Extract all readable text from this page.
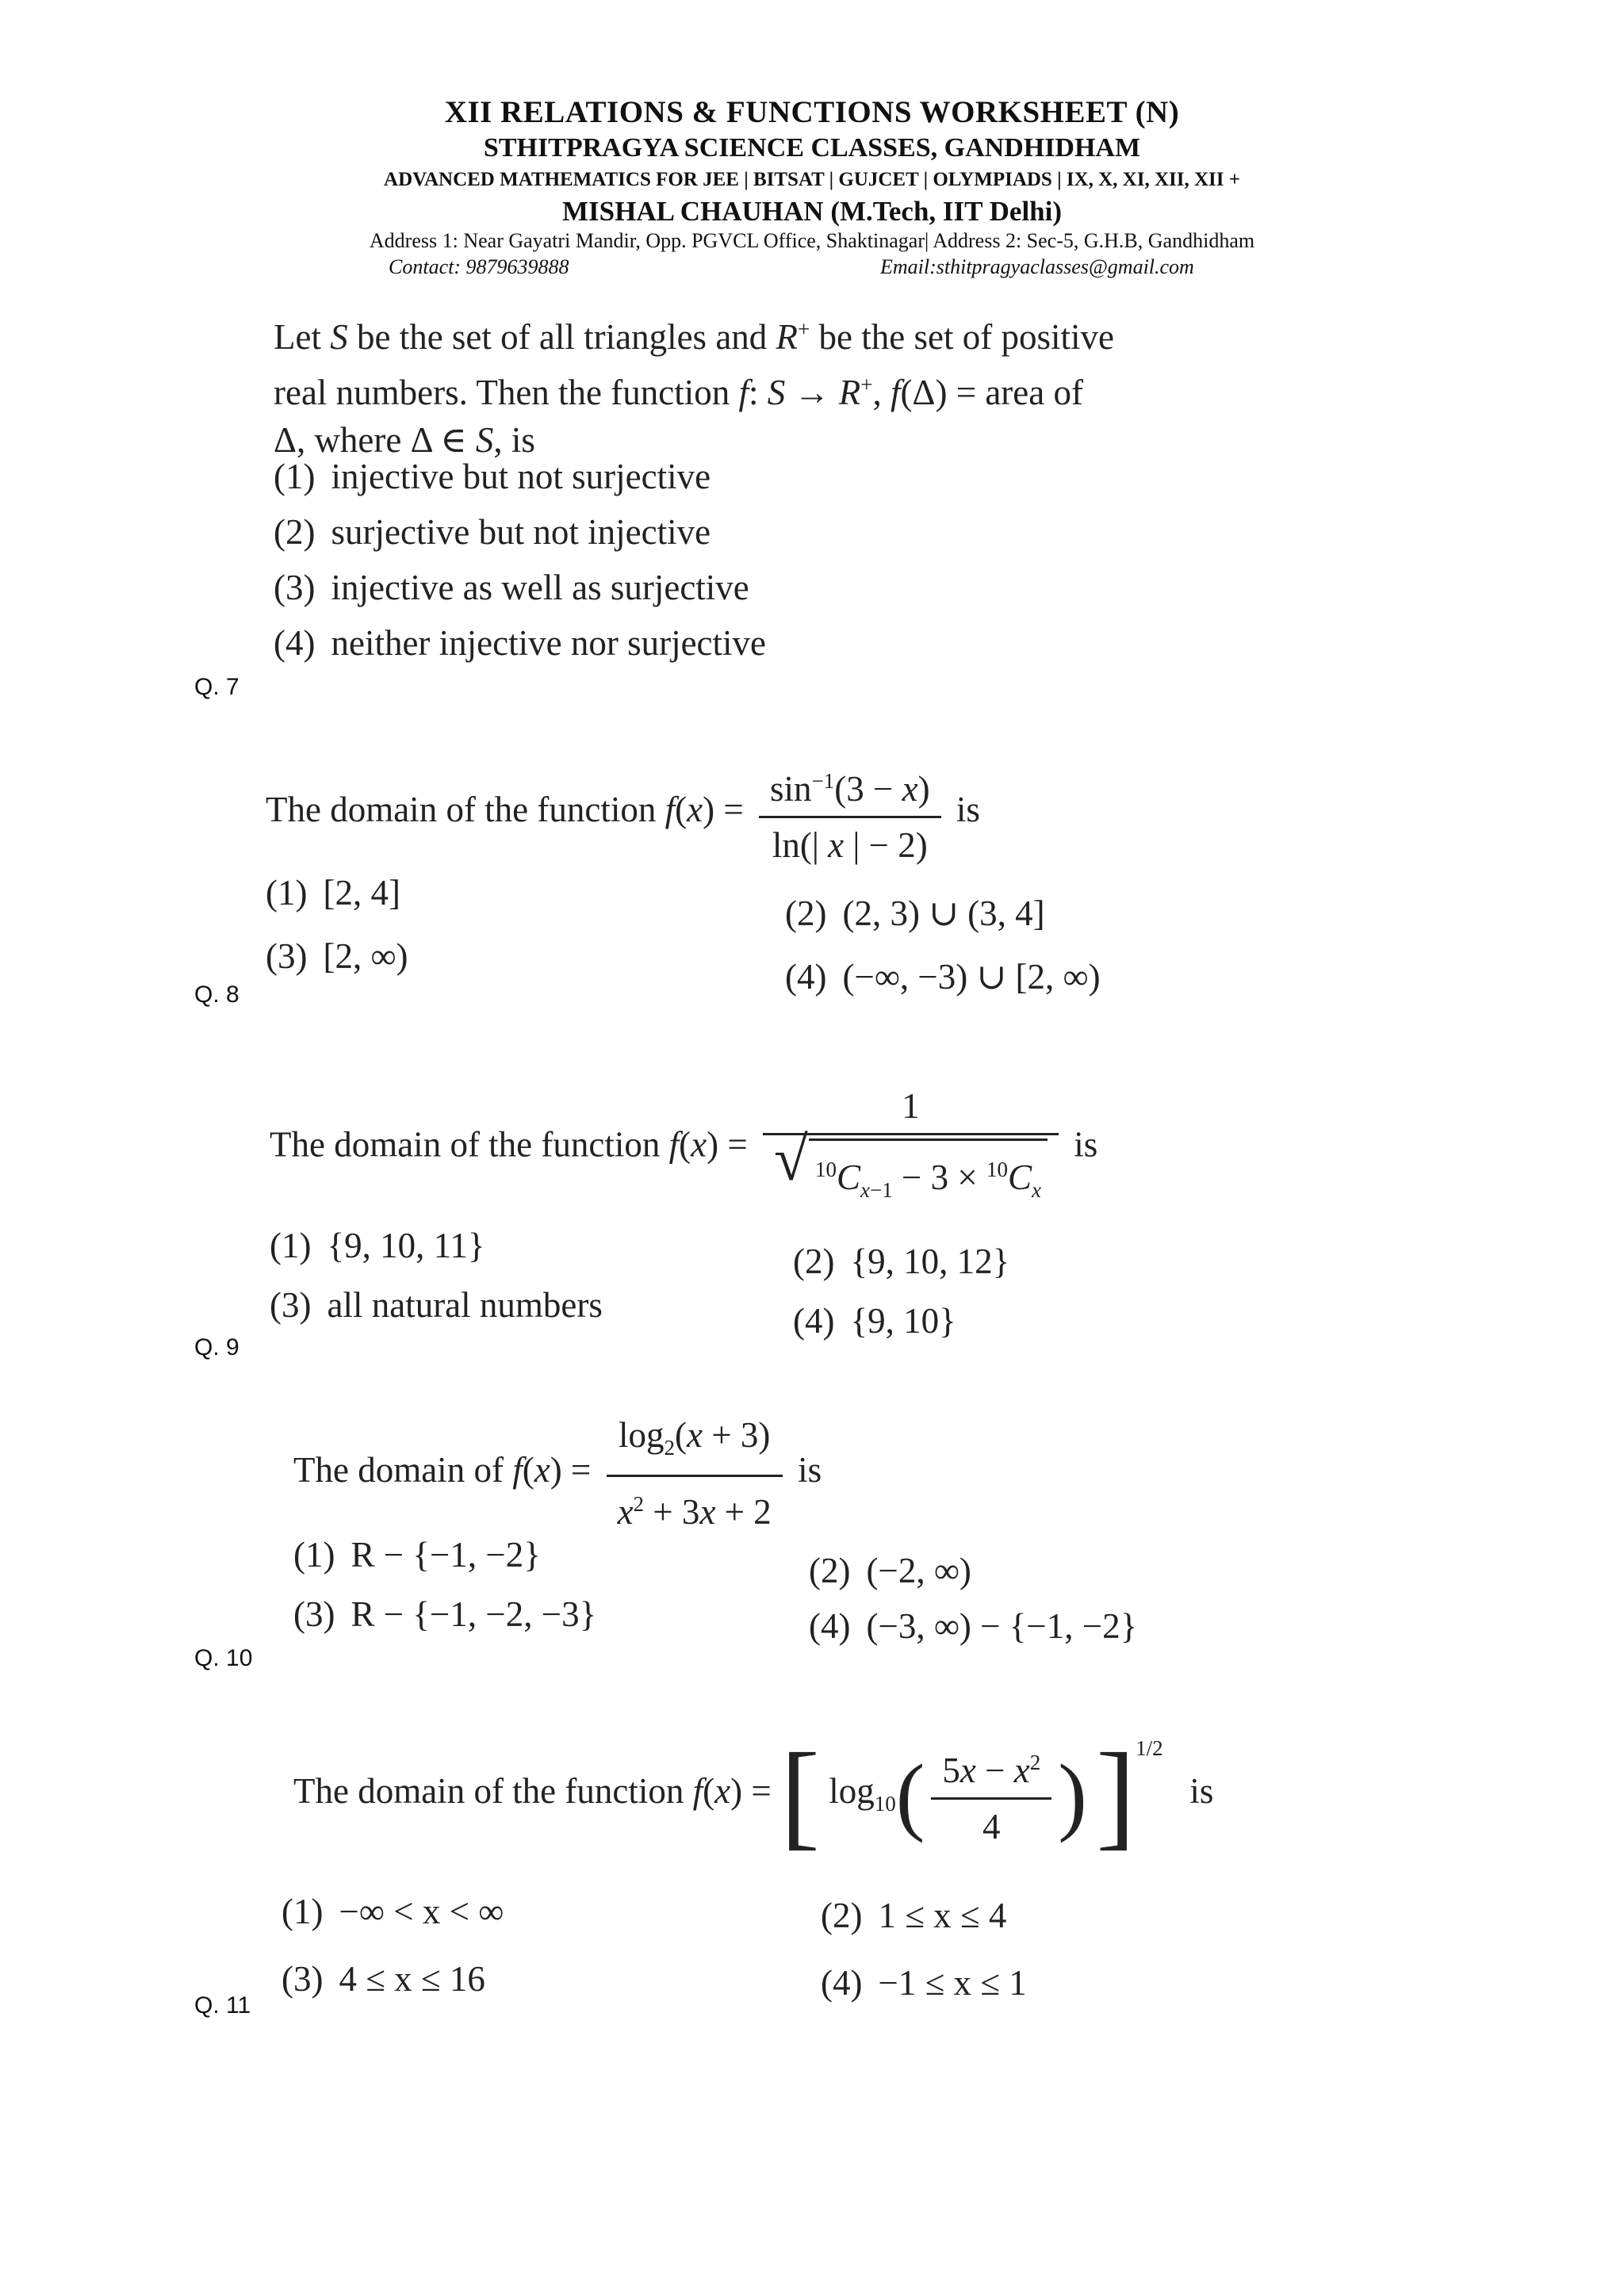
XII RELATIONS & FUNCTIONS WORKSHEET (N)
STHITPRAGYA SCIENCE CLASSES, GANDHIDHAM
ADVANCED MATHEMATICS FOR JEE | BITSAT | GUJCET | OLYMPIADS | IX, X, XI, XII, XII +
MISHAL CHAUHAN (M.Tech, IIT Delhi)
Address 1: Near Gayatri Mandir, Opp. PGVCL Office, Shaktinagar| Address 2: Sec-5, G.H.B, Gandhidham
Contact: 9879639888	Email:sthitpragyaclasses@gmail.com
Let S be the set of all triangles and R+ be the set of positive
real numbers. Then the function f: S → R+, f(Δ) = area of
Δ, where Δ ∈ S, is
(1) injective but not surjective
(2) surjective but not injective
(3) injective as well as surjective
(4) neither injective nor surjective
Q. 7
The domain of the function $f(x) = \frac{\sin^{-1}(3 - x)}{\ln(| x | - 2)}$ is
(1) [2, 4]
(3) [2, ∞)
(2) (2, 3) ∪ (3, 4]
(4) (−∞, −3) ∪ [2, ∞)
Q. 8
The domain of the function f(x) = 1
√ $^{10}C_{x-1} - 3 \times ^{10}C_x$ is
(1) {9, 10, 11}
(3) all natural numbers
(2) {9, 10, 12}
(4) {9, 10}
Q. 9
The domain of $f(x) = \frac{\log_2(x + 3)}{x^2 + 3x + 2}$ is
(1) R − {−1, −2}
(3) R − {−1, −2, −3}
(2) (−2, ∞)
(4) (−3, ∞) − {−1, −2}
Q. 10
The domain of the function f(x) = [ $\log_{10}( \frac{5x - x^2}{4}$ ) ]$^{1/2}$   is
(1) −∞ < x < ∞
(3) 4 ≤ x ≤ 16
(2) 1 ≤ x ≤ 4
(4) −1 ≤ x ≤ 1
Q. 11
